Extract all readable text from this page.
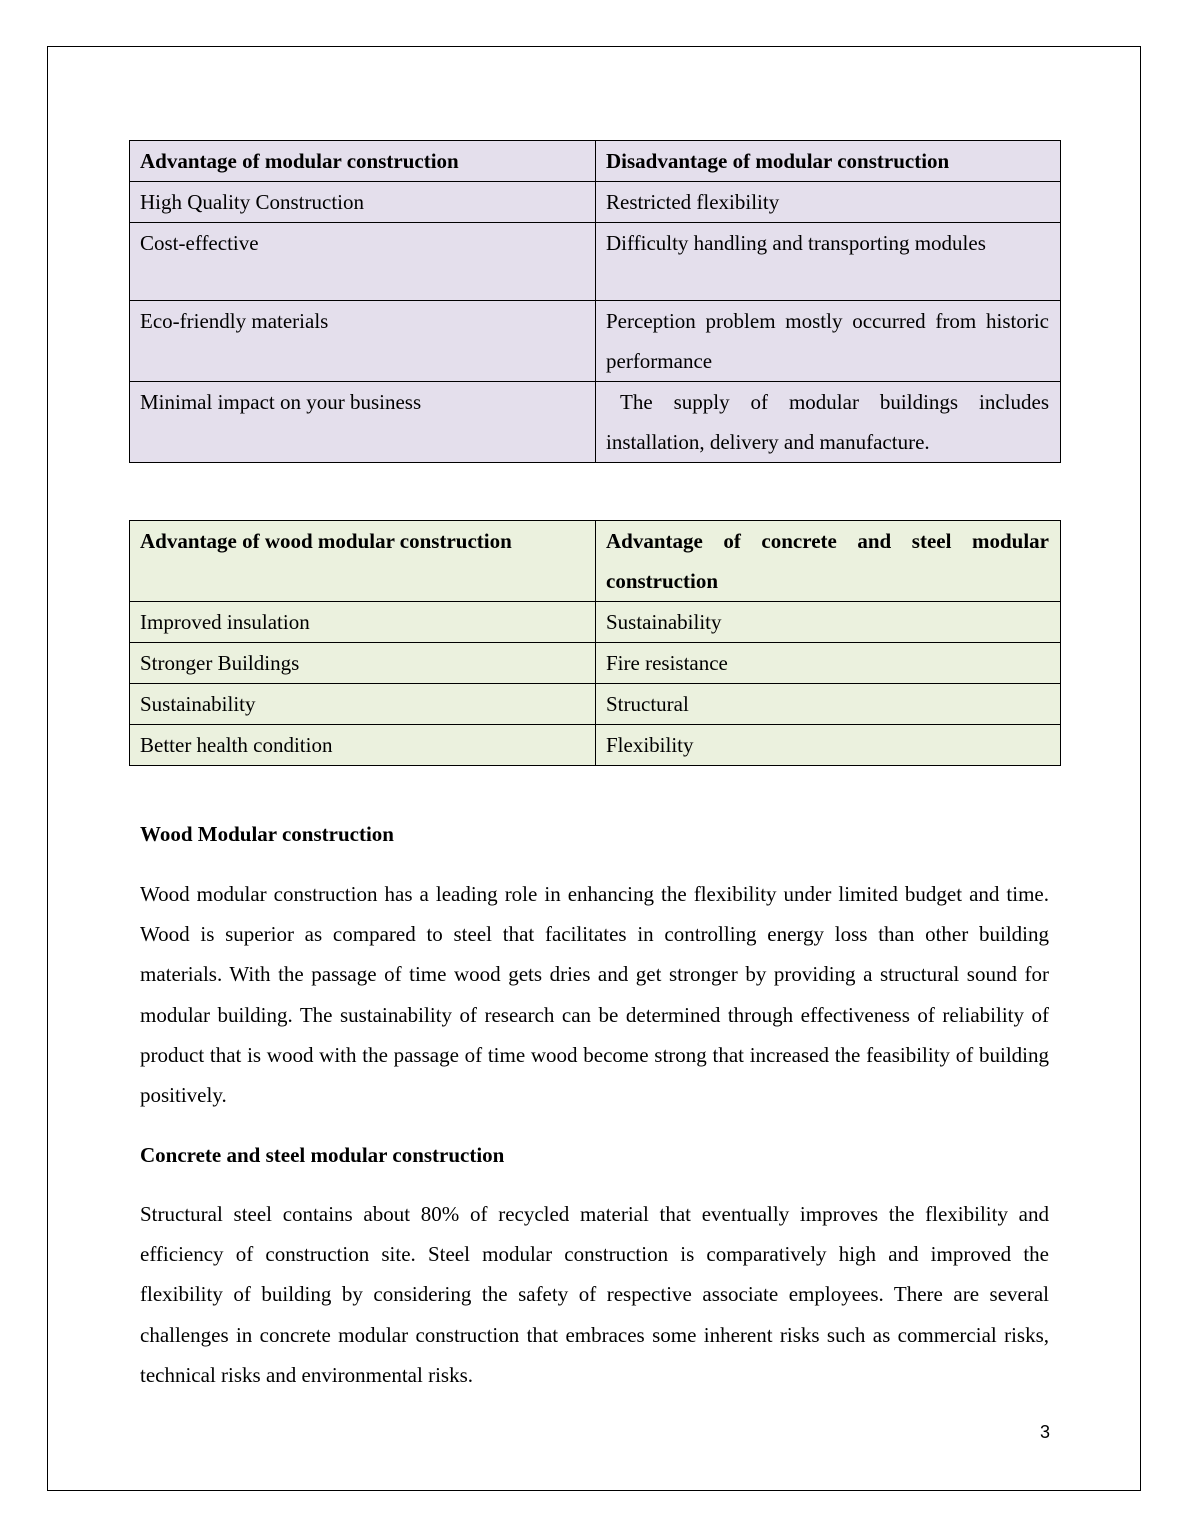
Advantage of modular construction	Disadvantage of modular construction
High Quality Construction	Restricted flexibility
Cost-effective	Difficulty handling and transporting modules
Eco-friendly materials	Perception problem mostly occurred from historic performance
Minimal impact on your business	The supply of modular buildings includes installation, delivery and manufacture.
Advantage of wood modular construction	Advantage of concrete and steel modular construction
Improved insulation	Sustainability
Stronger Buildings	Fire resistance
Sustainability	Structural
Better health condition	Flexibility
Wood Modular construction

Wood modular construction has a leading role in enhancing the flexibility under limited budget and time. Wood is superior as compared to steel that facilitates in controlling energy loss than other building materials. With the passage of time wood gets dries and get stronger by providing a structural sound for modular building. The sustainability of research can be determined through effectiveness of reliability of product that is wood with the passage of time wood become strong that increased the feasibility of building positively.

Concrete and steel modular construction

Structural steel contains about 80% of recycled material that eventually improves the flexibility and efficiency of construction site. Steel modular construction is comparatively high and improved the flexibility of building by considering the safety of respective associate employees. There are several challenges in concrete modular construction that embraces some inherent risks such as commercial risks, technical risks and environmental risks.

3
